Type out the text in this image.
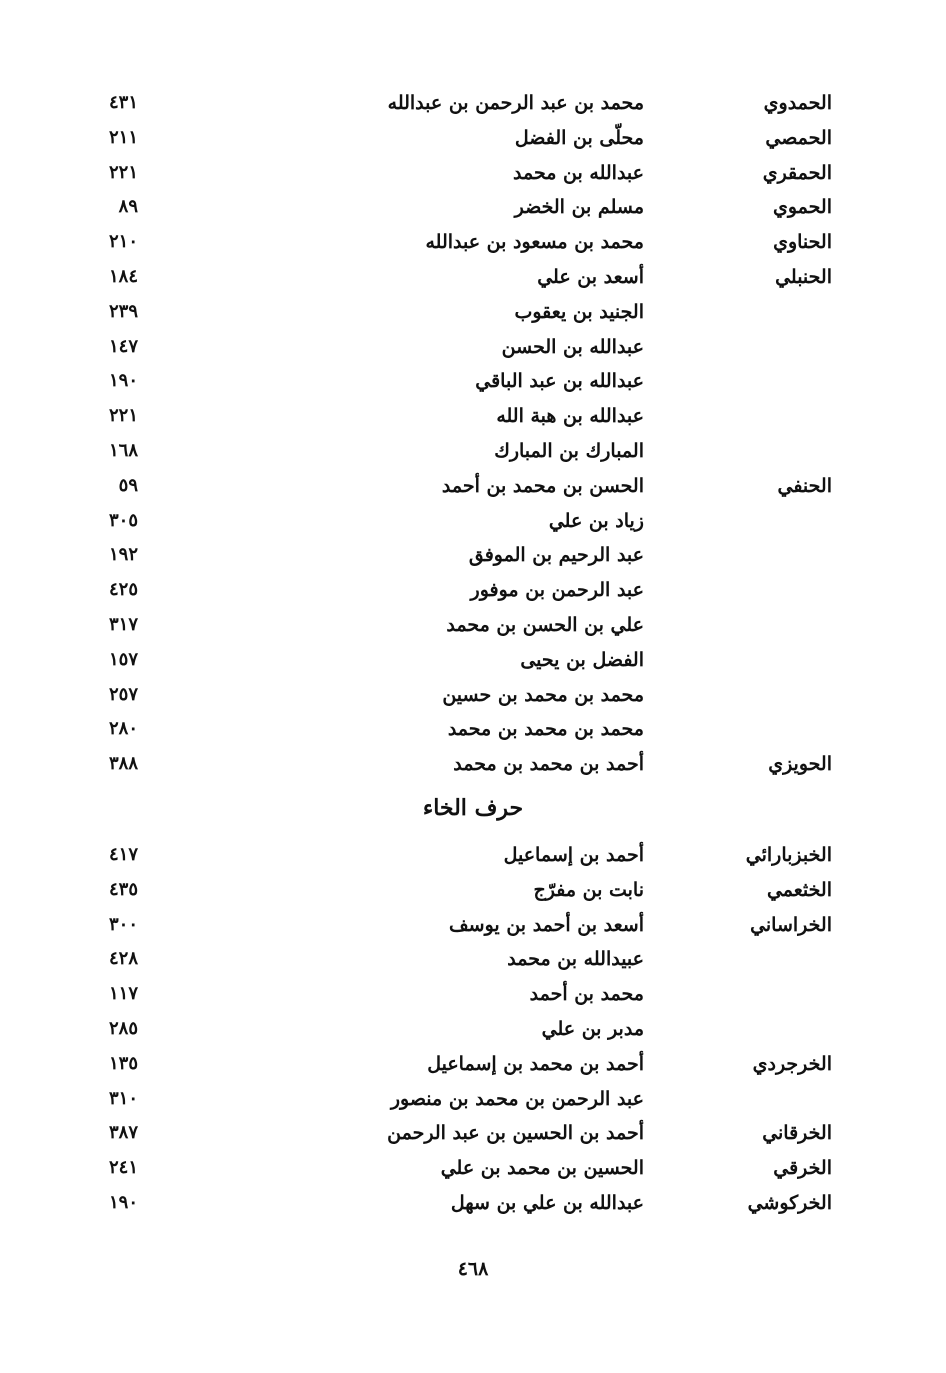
الحمدوي
محمد بن عبد الرحمن بن عبدالله
٤٣١
الحمصي
محلّى بن الفضل
٢١١
الحمقري
عبدالله بن محمد
٢٢١
الحموي
مسلم بن الخضر
٨٩
الحناوي
محمد بن مسعود بن عبدالله
٢١٠
الحنبلي
أسعد بن علي
١٨٤
الجنيد بن يعقوب
٢٣٩
عبدالله بن الحسن
١٤٧
عبدالله بن عبد الباقي
١٩٠
عبدالله بن هبة الله
٢٢١
المبارك بن المبارك
١٦٨
الحنفي
الحسن بن محمد بن أحمد
٥٩
زياد بن علي
٣٠٥
عبد الرحيم بن الموفق
١٩٢
عبد الرحمن بن موفور
٤٢٥
علي بن الحسن بن محمد
٣١٧
الفضل بن يحيى
١٥٧
محمد بن محمد بن حسين
٢٥٧
محمد بن محمد بن محمد
٢٨٠
الحويزي
أحمد بن محمد بن محمد
٣٨٨
حرف الخاء
الخبزبارائي
أحمد بن إسماعيل
٤١٧
الخثعمي
نابت بن مفرّج
٤٣٥
الخراساني
أسعد بن أحمد بن يوسف
٣٠٠
عبيدالله بن محمد
٤٢٨
محمد بن أحمد
١١٧
مدبر بن علي
٢٨٥
الخرجردي
أحمد بن محمد بن إسماعيل
١٣٥
عبد الرحمن بن محمد بن منصور
٣١٠
الخرقاني
أحمد بن الحسين بن عبد الرحمن
٣٨٧
الخرقي
الحسين بن محمد بن علي
٢٤١
الخركوشي
عبدالله بن علي بن سهل
١٩٠
٤٦٨
